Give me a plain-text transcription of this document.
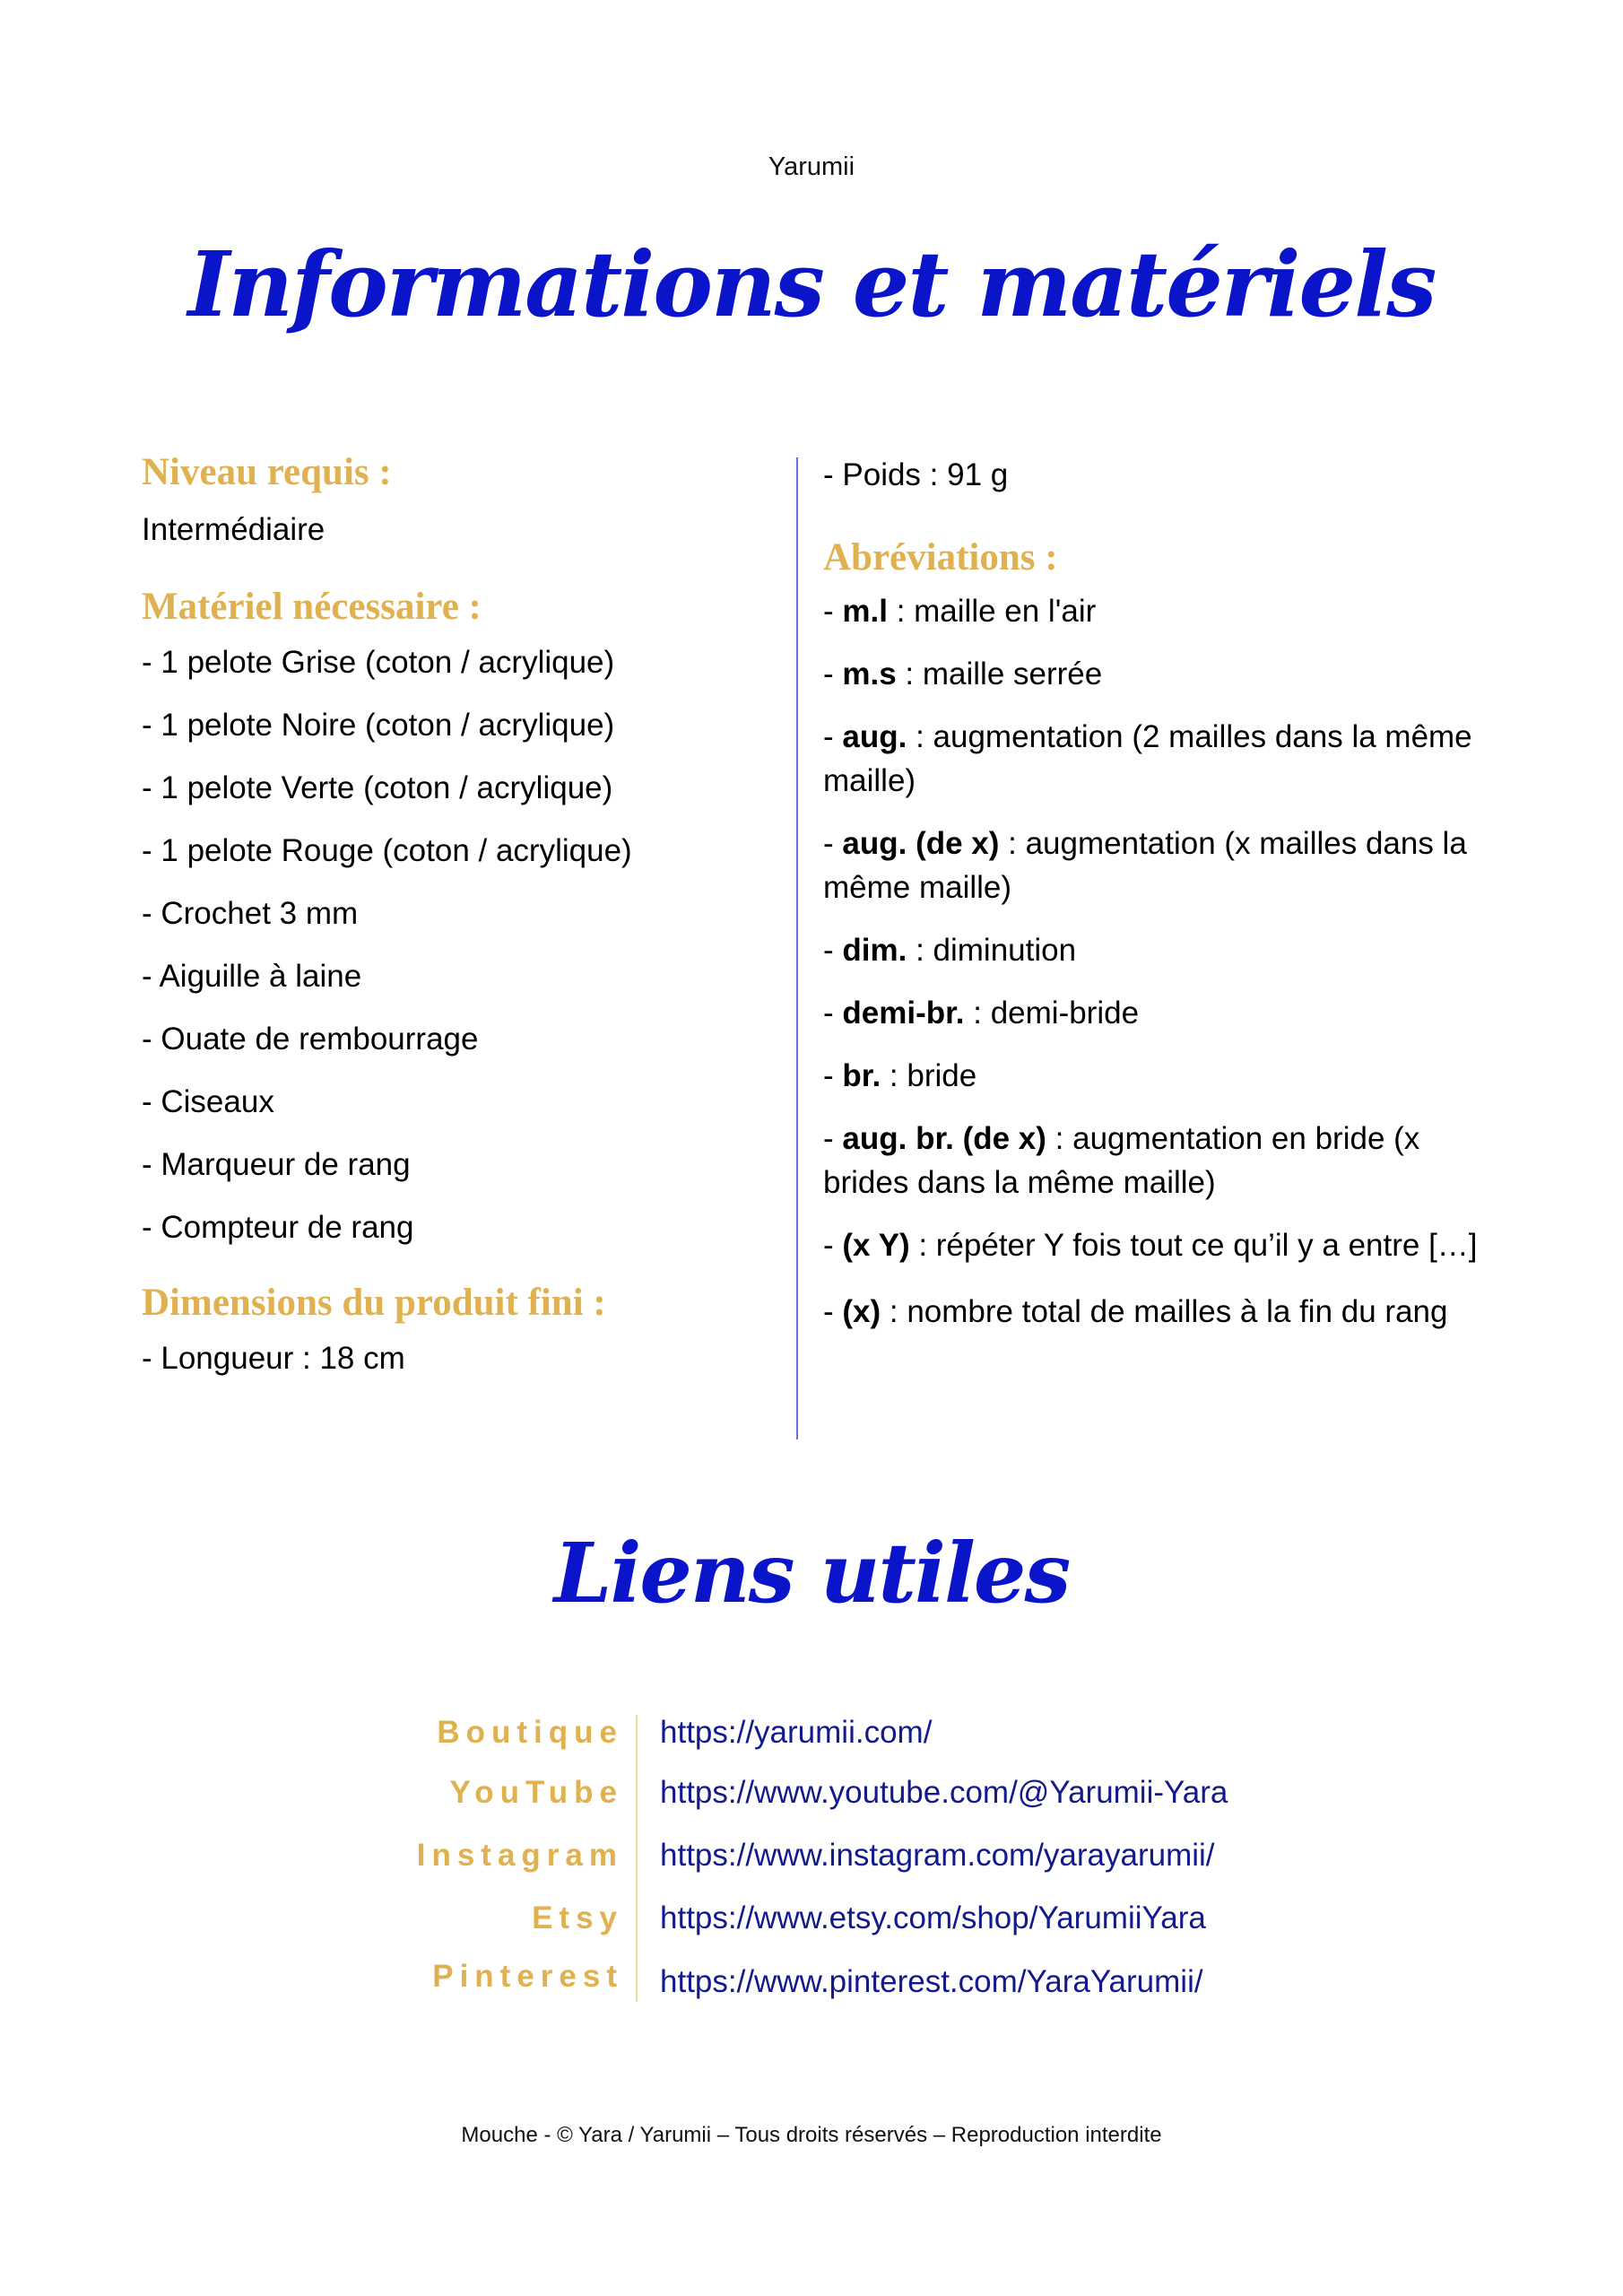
Yarumii
Informations et matériels
Niveau requis :

Intermédiaire

Matériel nécessaire :

- 1 pelote Grise (coton / acrylique)

- 1 pelote Noire (coton / acrylique)

- 1 pelote Verte (coton / acrylique)

- 1 pelote Rouge (coton / acrylique)

- Crochet 3 mm

- Aiguille à laine

- Ouate de rembourrage

- Ciseaux

- Marqueur de rang

- Compteur de rang

Dimensions du produit fini :

- Longueur : 18 cm

- Poids : 91 g

Abréviations :

- m.l : maille en l'air

- m.s : maille serrée

- aug. : augmentation (2 mailles dans la même maille)

- aug. (de x) : augmentation (x mailles dans la même maille)

- dim. : diminution

- demi-br. : demi-bride

- br. : bride

- aug. br. (de x) : augmentation en bride (x brides dans la même maille)

- (x Y) : répéter Y fois tout ce qu’il y a entre […]

- (x) : nombre total de mailles à la fin du rang

Liens utiles
Boutique https://yarumii.com/
YouTube https://www.youtube.com/@Yarumii-Yara
Instagram https://www.instagram.com/yarayarumii/
Etsy https://www.etsy.com/shop/YarumiiYara
Pinterest https://www.pinterest.com/YaraYarumii/
Mouche - © Yara / Yarumii – Tous droits réservés – Reproduction interdite
